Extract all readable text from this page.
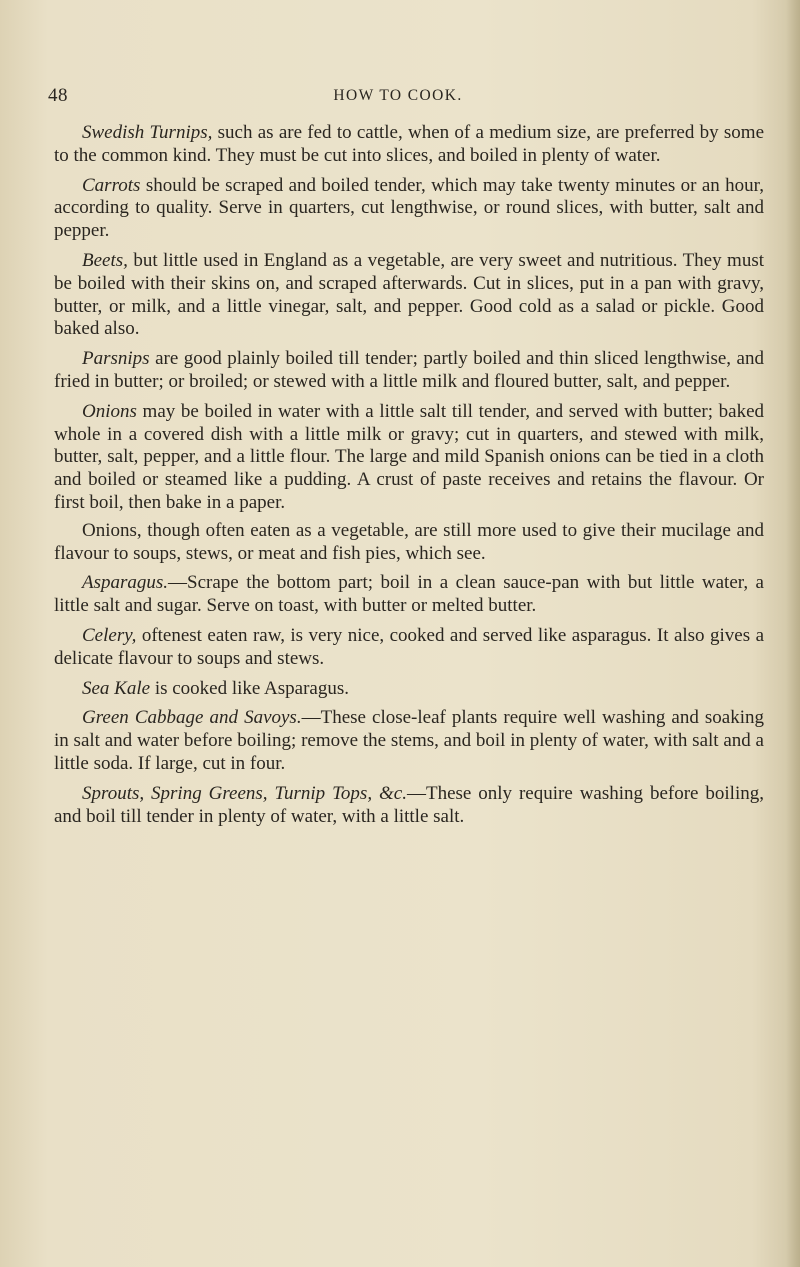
48	HOW TO COOK.

Swedish Turnips, such as are fed to cattle, when of a medium size, are preferred by some to the common kind. They must be cut into slices, and boiled in plenty of water.

Carrots should be scraped and boiled tender, which may take twenty minutes or an hour, according to quality. Serve in quarters, cut lengthwise, or round slices, with butter, salt and pepper.

Beets, but little used in England as a vegetable, are very sweet and nutritious. They must be boiled with their skins on, and scraped afterwards. Cut in slices, put in a pan with gravy, butter, or milk, and a little vinegar, salt, and pepper. Good cold as a salad or pickle. Good baked also.

Parsnips are good plainly boiled till tender; partly boiled and thin sliced lengthwise, and fried in butter; or broiled; or stewed with a little milk and floured butter, salt, and pepper.

Onions may be boiled in water with a little salt till tender, and served with butter; baked whole in a covered dish with a little milk or gravy; cut in quarters, and stewed with milk, butter, salt, pepper, and a little flour. The large and mild Spanish onions can be tied in a cloth and boiled or steamed like a pudding. A crust of paste receives and retains the flavour. Or first boil, then bake in a paper.

Onions, though often eaten as a vegetable, are still more used to give their mucilage and flavour to soups, stews, or meat and fish pies, which see.

Asparagus.—Scrape the bottom part; boil in a clean sauce-pan with but little water, a little salt and sugar. Serve on toast, with butter or melted butter.

Celery, oftenest eaten raw, is very nice, cooked and served like asparagus. It also gives a delicate flavour to soups and stews.

Sea Kale is cooked like Asparagus.

Green Cabbage and Savoys.—These close-leaf plants require well washing and soaking in salt and water before boiling; remove the stems, and boil in plenty of water, with salt and a little soda. If large, cut in four.

Sprouts, Spring Greens, Turnip Tops, &c.—These only require washing before boiling, and boil till tender in plenty of water, with a little salt.
